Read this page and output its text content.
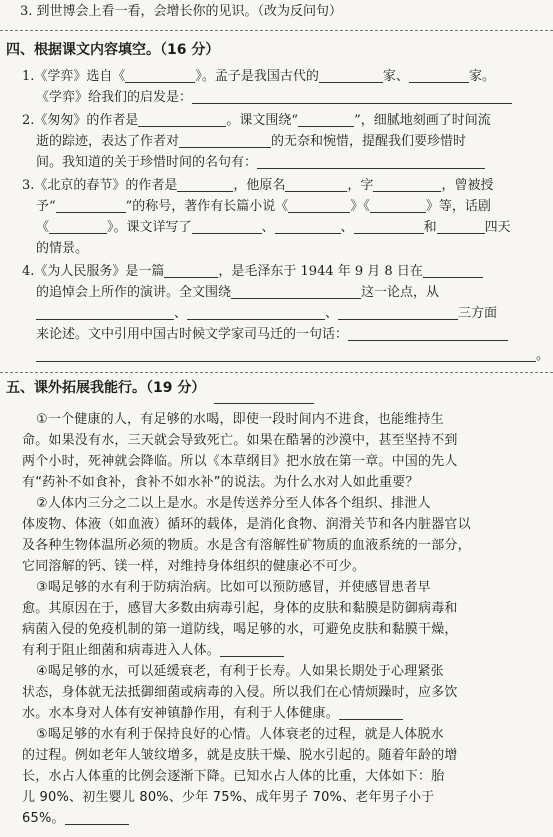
3. 到世博会上看一看，会增长你的见识。（改为反问句）
四、根据课文内容填空。（16 分）
1.《学弈》选自《	》。孟子是我国古代的	家、	家。
《学弈》给我们的启发是：
2.《匆匆》的作者是	。课文围绕“	”，细腻地刻画了时间流
逝的踪迹，表达了作者对	的无奈和惋惜，提醒我们要珍惜时
间。我知道的关于珍惜时间的名句有：
3.《北京的春节》的作者是	，他原名	，字	，曾被授
予“	”的称号，著作有长篇小说《	》《	》等，话剧
《	》。课文详写了	、	、	和	四天
的情景。
4.《为人民服务》是一篇	，是毛泽东于 1944 年 9 月 8 日在
的追悼会上所作的演讲。全文围绕	这一论点，从
、	、	三方面
来论述。文中引用中国古时候文学家司马迁的一句话：
。
五、课外拓展我能行。（19 分）
①一个健康的人，有足够的水喝，即使一段时间内不进食，也能维持生
命。如果没有水，三天就会导致死亡。如果在酷暑的沙漠中，甚至坚持不到
两个小时，死神就会降临。所以《本草纲目》把水放在第一章。中国的先人
有“药补不如食补，食补不如水补”的说法。为什么水对人如此重要？
②人体内三分之二以上是水。水是传送养分至人体各个组织、排泄人
体废物、体液（如血液）循环的载体，是消化食物、润滑关节和各内脏器官以
及各种生物体温所必须的物质。水是含有溶解性矿物质的血液系统的一部分，
它同溶解的钙、镁一样，对维持身体组织的健康必不可少。
③喝足够的水有利于防病治病。比如可以预防感冒，并使感冒患者早
愈。其原因在于，感冒大多数由病毒引起，身体的皮肤和黏膜是防御病毒和
病菌入侵的免疫机制的第一道防线，喝足够的水，可避免皮肤和黏膜干燥，
有利于阻止细菌和病毒进入人体。
④喝足够的水，可以延缓衰老，有利于长寿。人如果长期处于心理紧张
状态，身体就无法抵御细菌或病毒的入侵。所以我们在心情烦躁时，应多饮
水。水本身对人体有安神镇静作用，有利于人体健康。
⑤喝足够的水有利于保持良好的心情。人体衰老的过程，就是人体脱水
的过程。例如老年人皱纹增多，就是皮肤干燥、脱水引起的。随着年龄的增
长，水占人体重的比例会逐渐下降。已知水占人体的比重，大体如下：胎
儿 90%、初生婴儿 80%、少年 75%、成年男子 70%、老年男子小于
65%。
